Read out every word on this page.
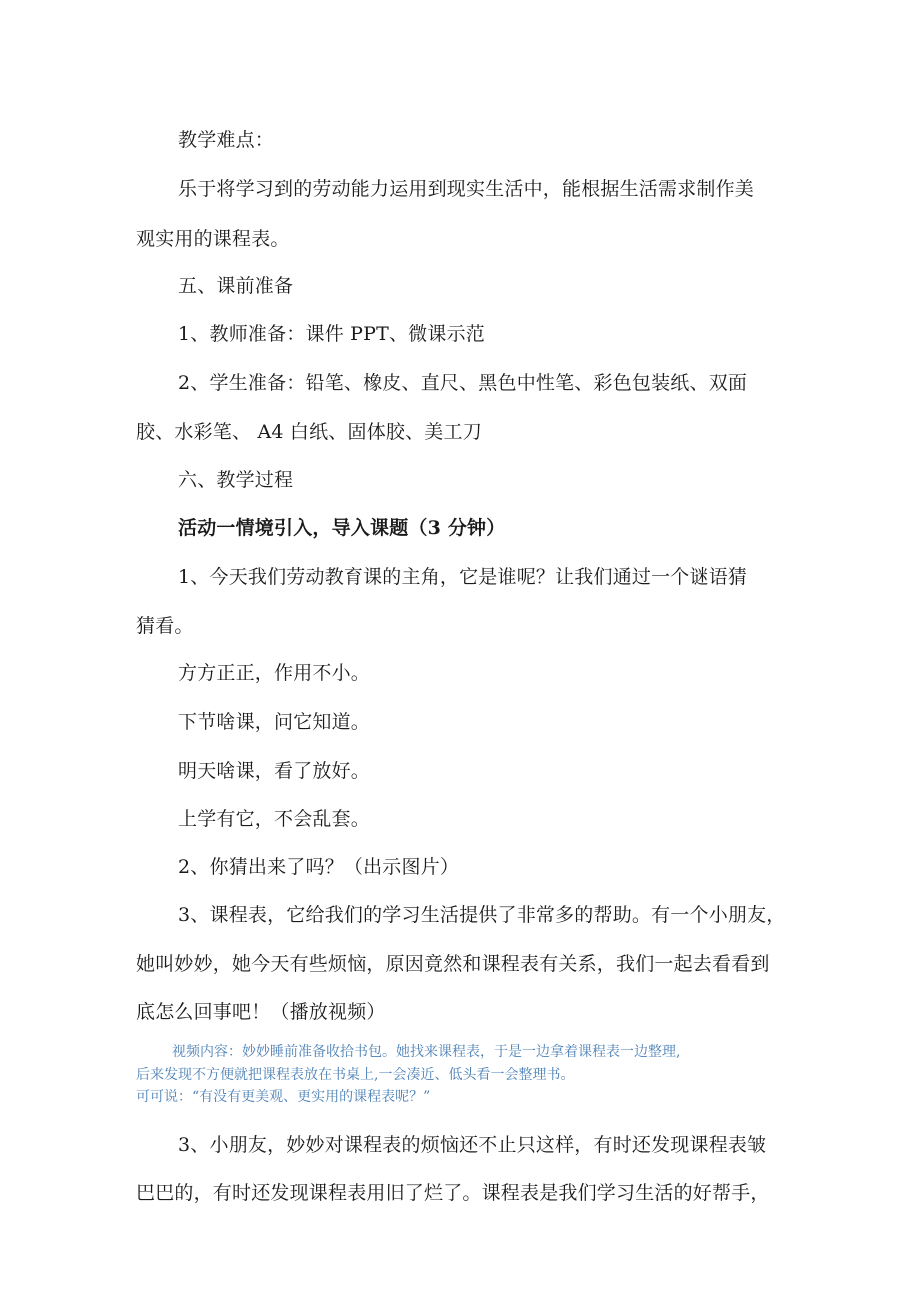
教学难点：
乐于将学习到的劳动能力运用到现实生活中，能根据生活需求制作美
观实用的课程表。
五、课前准备
1、教师准备：课件 PPT、微课示范
2、学生准备：铅笔、橡皮、直尺、黑色中性笔、彩色包装纸、双面
胶、水彩笔、 A4 白纸、固体胶、美工刀
六、教学过程
活动一情境引入，导入课题（3 分钟）
1、今天我们劳动教育课的主角，它是谁呢？让我们通过一个谜语猜
猜看。
方方正正，作用不小。
下节啥课，问它知道。
明天啥课，看了放好。
上学有它，不会乱套。
2、你猜出来了吗？（出示图片）
3、课程表，它给我们的学习生活提供了非常多的帮助。有一个小朋友，
她叫妙妙，她今天有些烦恼，原因竟然和课程表有关系，我们一起去看看到
底怎么回事吧！（播放视频）
视频内容：妙妙睡前准备收拾书包。她找来课程表，于是一边拿着课程表一边整理,
后来发现不方便就把课程表放在书桌上,一会凑近、低头看一会整理书。
可可说：“有没有更美观、更实用的课程表呢？”
3、小朋友，妙妙对课程表的烦恼还不止只这样，有时还发现课程表皱
巴巴的，有时还发现课程表用旧了烂了。课程表是我们学习生活的好帮手，
